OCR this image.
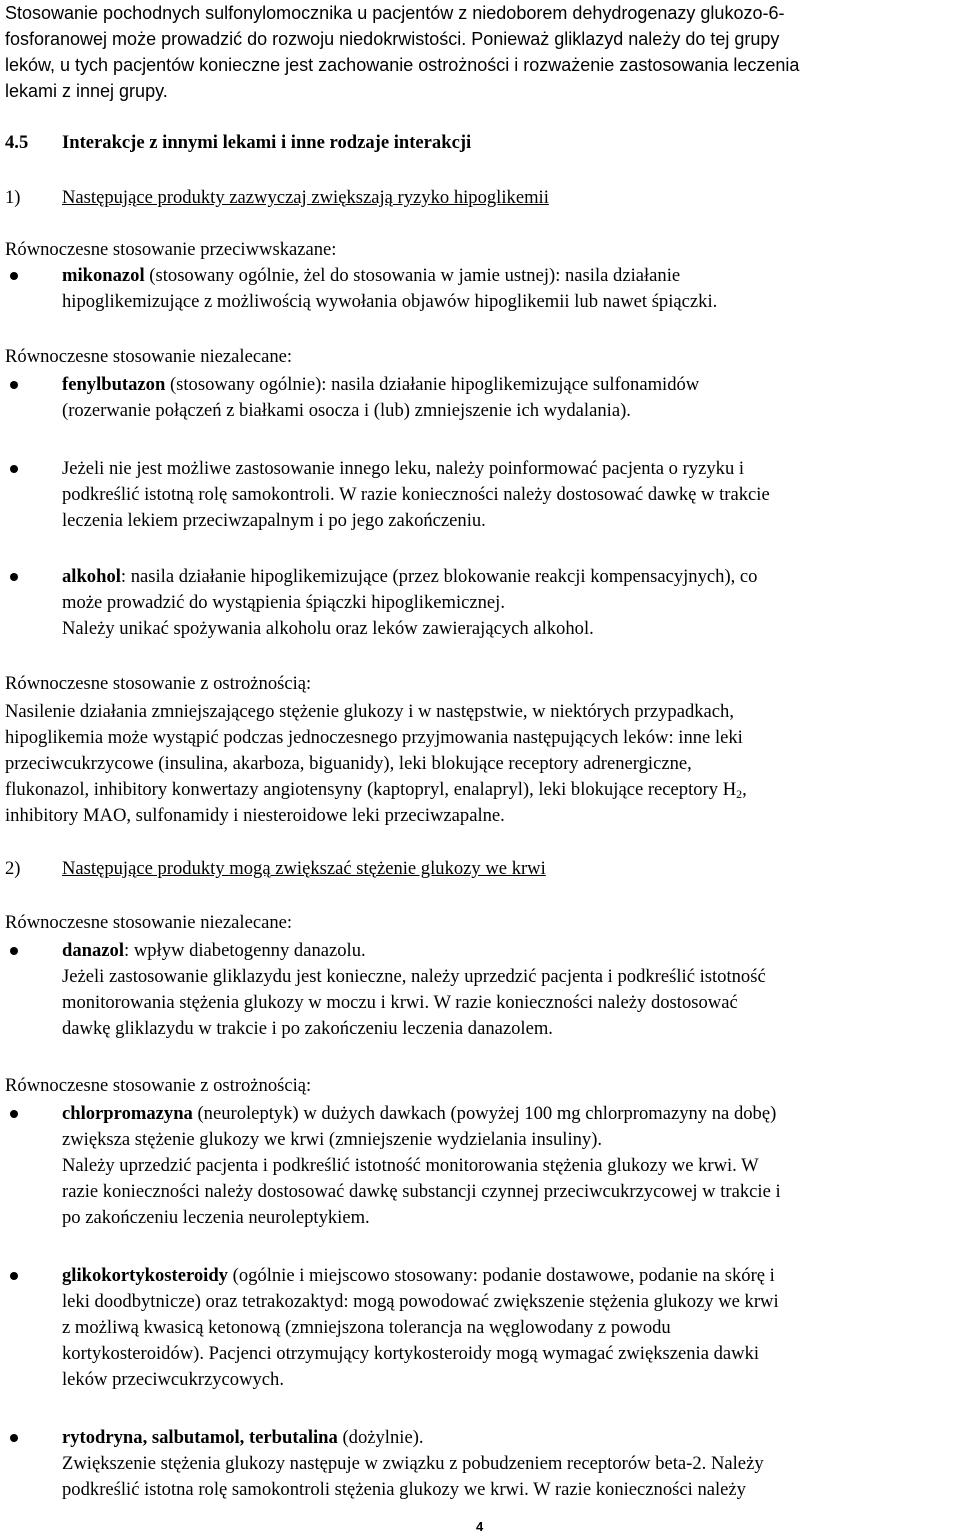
Stosowanie pochodnych sulfonylomocznika u pacjentów z niedoborem dehydrogenazy glukozo-6-
fosforanowej może prowadzić do rozwoju niedokrwistości. Ponieważ gliklazyd należy do tej grupy
leków, u tych pacjentów konieczne jest zachowanie ostrożności i rozważenie zastosowania leczenia
lekami z innej grupy.
4.5 Interakcje z innymi lekami i inne rodzaje interakcji
1) Następujące produkty zazwyczaj zwiększają ryzyko hipoglikemii
Równoczesne stosowanie przeciwwskazane:
mikonazol (stosowany ogólnie, żel do stosowania w jamie ustnej): nasila działanie
hipoglikemizujące z możliwością wywołania objawów hipoglikemii lub nawet śpiączki.
Równoczesne stosowanie niezalecane:
fenylbutazon (stosowany ogólnie): nasila działanie hipoglikemizujące sulfonamidów
(rozerwanie połączeń z białkami osocza i (lub) zmniejszenie ich wydalania).
Jeżeli nie jest możliwe zastosowanie innego leku, należy poinformować pacjenta o ryzyku i
podkreślić istotną rolę samokontroli. W razie konieczności należy dostosować dawkę w trakcie
leczenia lekiem przeciwzapalnym i po jego zakończeniu.
alkohol: nasila działanie hipoglikemizujące (przez blokowanie reakcji kompensacyjnych), co
może prowadzić do wystąpienia śpiączki hipoglikemicznej.
Należy unikać spożywania alkoholu oraz leków zawierających alkohol.
Równoczesne stosowanie z ostrożnością:
Nasilenie działania zmniejszającego stężenie glukozy i w następstwie, w niektórych przypadkach,
hipoglikemia może wystąpić podczas jednoczesnego przyjmowania następujących leków: inne leki
przeciwcukrzycowe (insulina, akarboza, biguanidy), leki blokujące receptory adrenergiczne,
flukonazol, inhibitory konwertazy angiotensyny (kaptopryl, enalapryl), leki blokujące receptory $H_2$,
inhibitory MAO, sulfonamidy i niesteroidowe leki przeciwzapalne.
2) Następujące produkty mogą zwiększać stężenie glukozy we krwi
Równoczesne stosowanie niezalecane:
danazol: wpływ diabetogenny danazolu.
Jeżeli zastosowanie gliklazydu jest konieczne, należy uprzedzić pacjenta i podkreślić istotność
monitorowania stężenia glukozy w moczu i krwi. W razie konieczności należy dostosować
dawkę gliklazydu w trakcie i po zakończeniu leczenia danazolem.
Równoczesne stosowanie z ostrożnością:
chlorpromazyna (neuroleptyk) w dużych dawkach (powyżej 100 mg chlorpromazyny na dobę)
zwiększa stężenie glukozy we krwi (zmniejszenie wydzielania insuliny).
Należy uprzedzić pacjenta i podkreślić istotność monitorowania stężenia glukozy we krwi. W
razie konieczności należy dostosować dawkę substancji czynnej przeciwcukrzycowej w trakcie i
po zakończeniu leczenia neuroleptykiem.
glikokortykosteroidy (ogólnie i miejscowo stosowany: podanie dostawowe, podanie na skórę i
leki doodbytnicze) oraz tetrakozaktyd: mogą powodować zwiększenie stężenia glukozy we krwi
z możliwą kwasicą ketonową (zmniejszona tolerancja na węglowodany z powodu
kortykosteroidów). Pacjenci otrzymujący kortykosteroidy mogą wymagać zwiększenia dawki
leków przeciwcukrzycowych.
rytodryna, salbutamol, terbutalina (dożylnie).
Zwiększenie stężenia glukozy następuje w związku z pobudzeniem receptorów beta-2. Należy
podkreślić istotna rolę samokontroli stężenia glukozy we krwi. W razie konieczności należy
4
